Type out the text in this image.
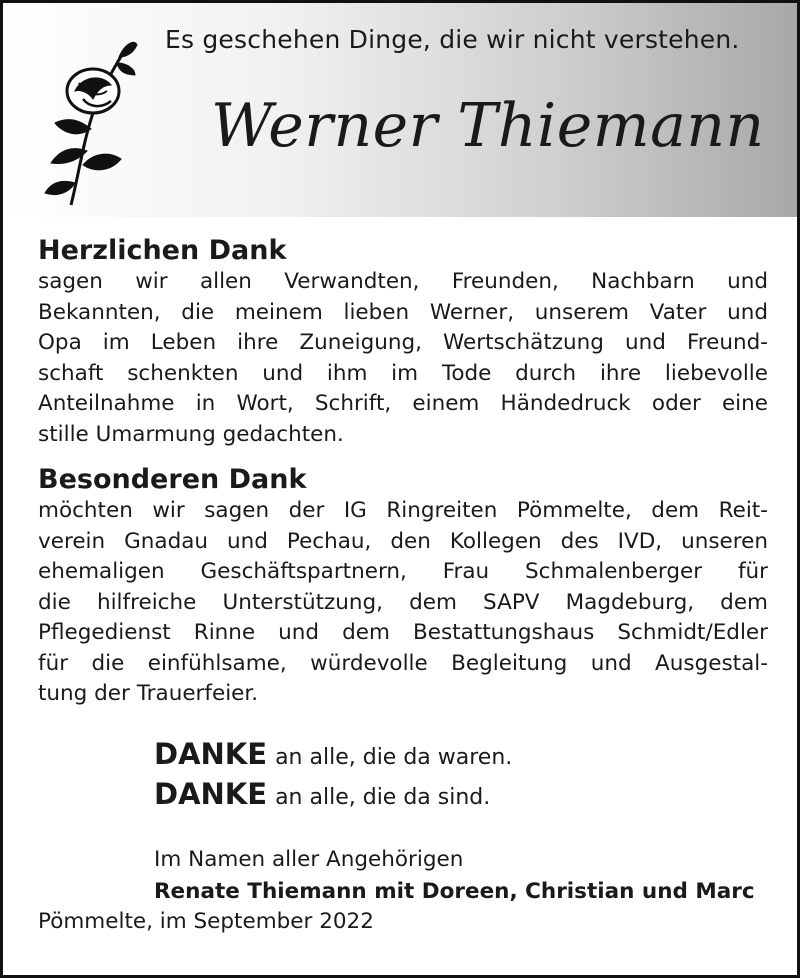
Es geschehen Dinge, die wir nicht verstehen.
Werner Thiemann
Herzlichen Dank
sagen wir allen Verwandten, Freunden, Nachbarn und
Bekannten, die meinem lieben Werner, unserem Vater und
Opa im Leben ihre Zuneigung, Wertschätzung und Freund-
schaft schenkten und ihm im Tode durch ihre liebevolle
Anteilnahme in Wort, Schrift, einem Händedruck oder eine
stille Umarmung gedachten.
Besonderen Dank
möchten wir sagen der IG Ringreiten Pömmelte, dem Reit-
verein Gnadau und Pechau, den Kollegen des IVD, unseren
ehemaligen Geschäftspartnern, Frau Schmalenberger für
die hilfreiche Unterstützung, dem SAPV Magdeburg, dem
Pflegedienst Rinne und dem Bestattungshaus Schmidt/Edler
für die einfühlsame, würdevolle Begleitung und Ausgestal-
tung der Trauerfeier.
DANKE an alle, die da waren.
DANKE an alle, die da sind.
Im Namen aller Angehörigen
Renate Thiemann mit Doreen, Christian und Marc
Pömmelte, im September 2022
